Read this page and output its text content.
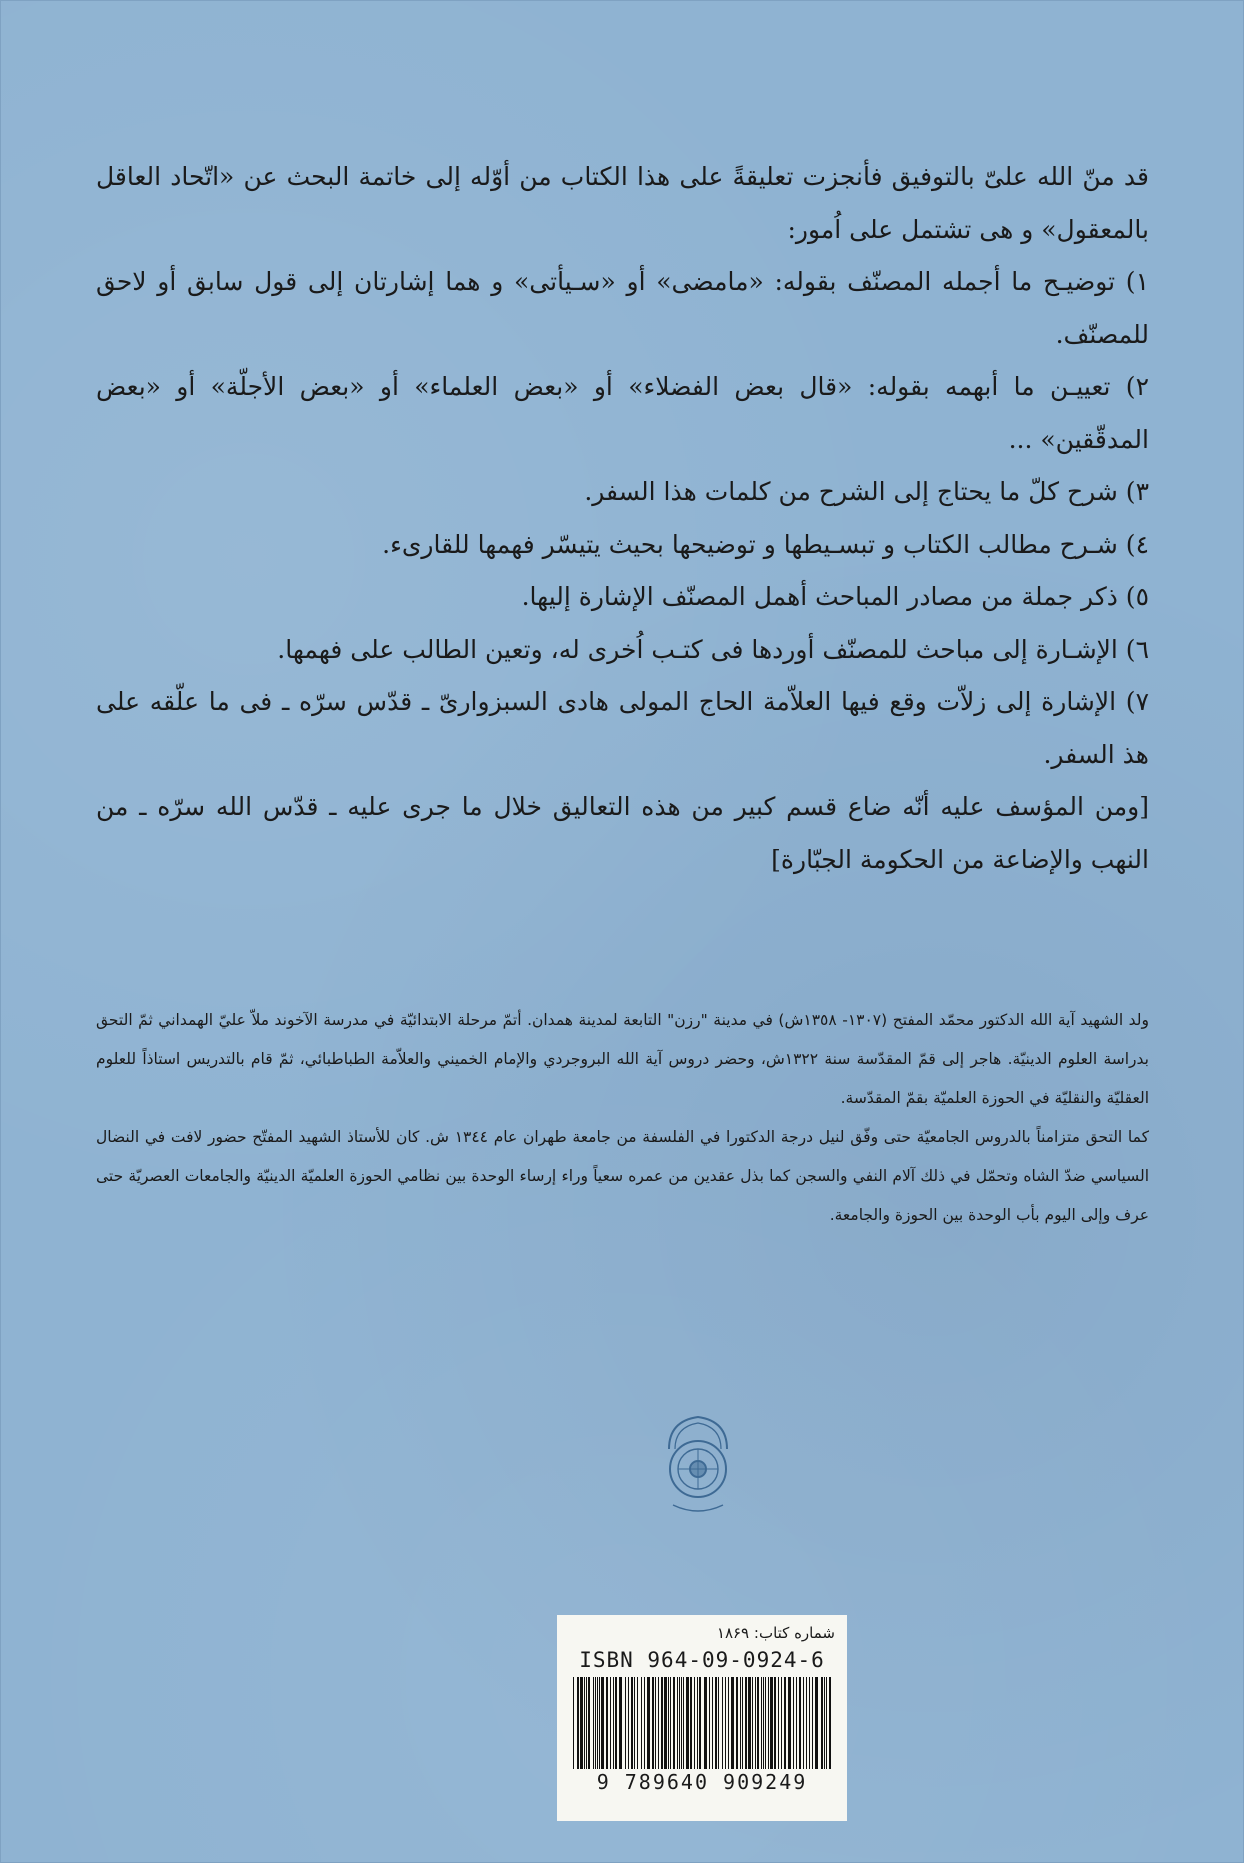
قد منّ الله علىّ بالتوفيق فأنجزت تعليقةً على هذا الكتاب من أوّله إلى خاتمة البحث عن «اتّحاد العاقل بالمعقول» و هى تشتمل على اُمور:

١) توضيـح ما أجمله المصنّف بقوله: «مامضى» أو «سـيأتى» و هما إشارتان إلى قول سابق أو لاحق للمصنّف.

٢) تعييـن ما أبهمه بقوله: «قال بعض الفضلاء» أو «بعض العلماء» أو «بعض الأجلّة» أو «بعض المدقّقين» ...

٣) شرح كلّ ما يحتاج إلى الشرح من كلمات هذا السفر.

٤) شـرح مطالب الكتاب و تبسـيطها و توضيحها بحيث يتيسّر فهمها للقارىء.

٥) ذكر جملة من مصادر المباحث أهمل المصنّف الإشارة إليها.

٦) الإشـارة إلى مباحث للمصنّف أوردها فى كتـب اُخرى له، وتعين الطالب على فهمها.

٧) الإشارة إلى زلاّت وقع فيها العلاّمة الحاج المولى هادى السبزوارىّ ـ قدّس سرّه ـ فى ما علّقه على هذ السفر.

[ومن المؤسف عليه أنّه ضاع قسم كبير من هذه التعاليق خلال ما جرى عليه ـ قدّس الله سرّه ـ من النهب والإضاعة من الحكومة الجبّارة]

ولد الشهيد آية الله الدكتور محمّد المفتح (١٣٠٧- ١٣٥٨ش) في مدينة "رزن" التابعة لمدينة همدان. أتمّ مرحلة الابتدائيّة في مدرسة الآخوند ملاّ عليّ الهمداني ثمّ التحق بدراسة العلوم الدينيّة. هاجر إلى قمّ المقدّسة سنة ١٣٢٢ش، وحضر دروس آية الله البروجردي والإمام الخميني والعلاّمة الطباطبائي، ثمّ قام بالتدريس استاذاً للعلوم العقليّة والنقليّة في الحوزة العلميّة بقمّ المقدّسة.

كما التحق متزامناً بالدروس الجامعيّة حتى وفّق لنيل درجة الدكتورا في الفلسفة من جامعة طهران عام ١٣٤٤ ش. كان للأستاذ الشهيد المفتّح حضور لافت في النضال السياسي ضدّ الشاه وتحمّل في ذلك آلام النفي والسجن كما بذل عقدين من عمره سعياً وراء إرساء الوحدة بين نظامي الحوزة العلميّة الدينيّة والجامعات العصريّة حتى عرف وإلى اليوم بأب الوحدة بين الحوزة والجامعة.

شماره كتاب: ۱۸۶۹
ISBN 964-09-0924-6
9 789640 909249
